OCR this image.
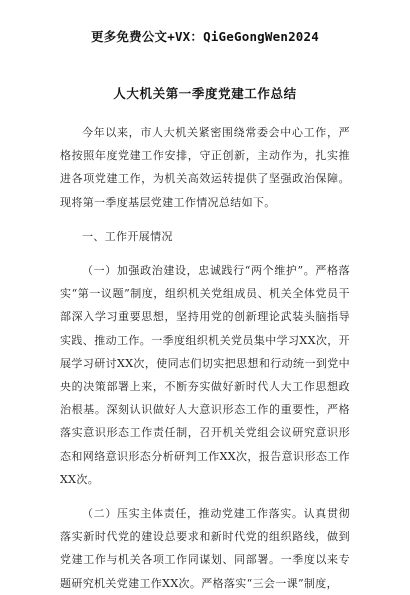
更多免费公文+VX：QiGeGongWen2024
人大机关第一季度党建工作总结

今年以来，市人大机关紧密围绕常委会中心工作，严格按照年度党建工作安排，守正创新，主动作为，扎实推进各项党建工作，为机关高效运转提供了坚强政治保障。现将第一季度基层党建工作情况总结如下。

一、工作开展情况

（一）加强政治建设，忠诚践行“两个维护”。严格落实“第一议题”制度，组织机关党组成员、机关全体党员干部深入学习重要思想，坚持用党的创新理论武装头脑指导实践、推动工作。一季度组织机关党员集中学习XX次，开展学习研讨XX次，使同志们切实把思想和行动统一到党中央的决策部署上来，不断夯实做好新时代人大工作思想政治根基。深刻认识做好人大意识形态工作的重要性，严格落实意识形态工作责任制，召开机关党组会议研究意识形态和网络意识形态分析研判工作XX次，报告意识形态工作XX次。

（二）压实主体责任，推动党建工作落实。认真贯彻落实新时代党的建设总要求和新时代党的组织路线，做到党建工作与机关各项工作同谋划、同部署。一季度以来专题研究机关党建工作XX次。严格落实“三会一课”制度，
